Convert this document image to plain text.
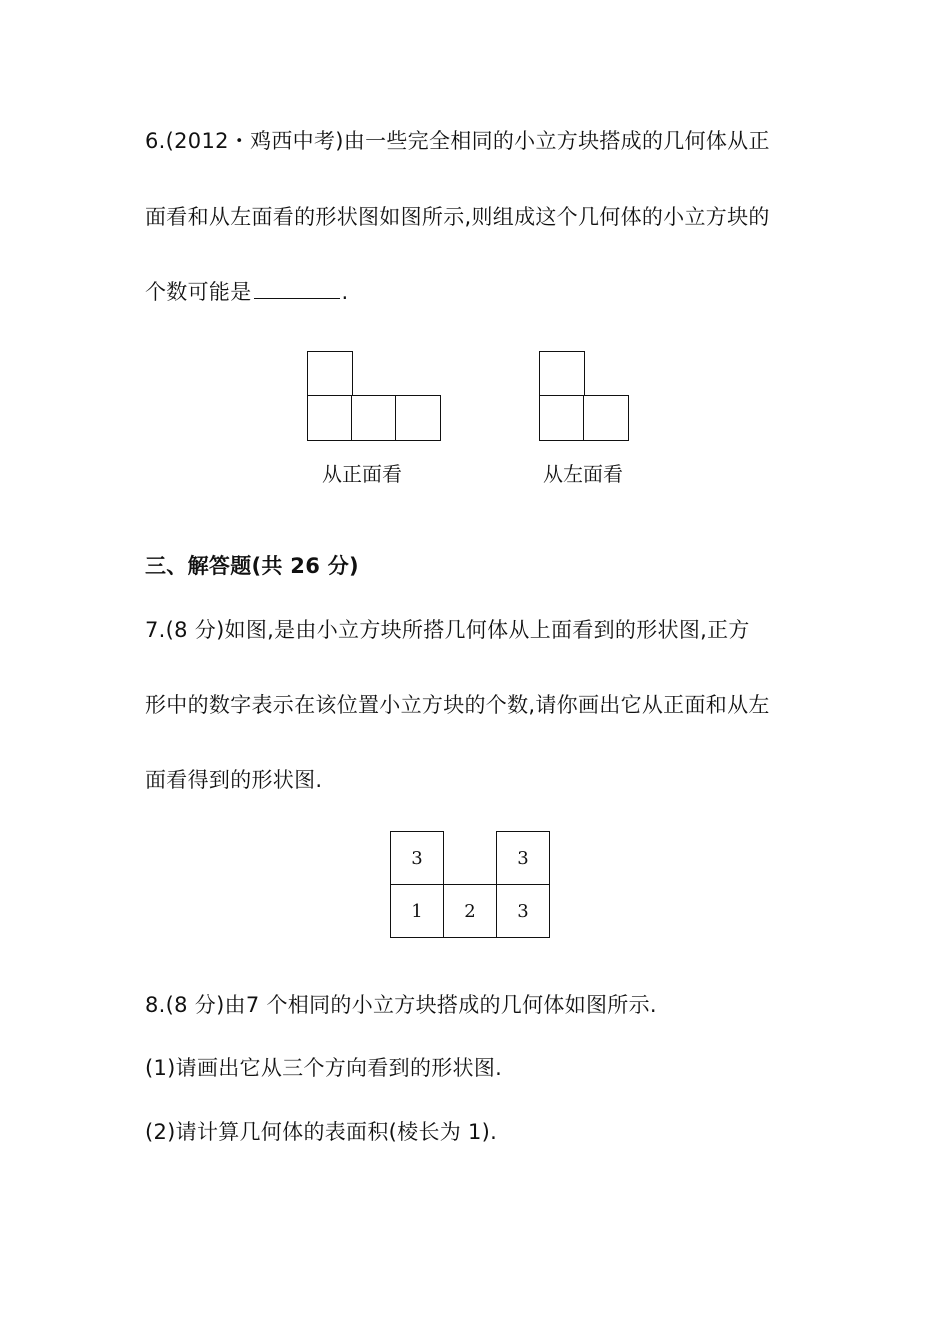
6.(2012・鸡西中考)由一些完全相同的小立方块搭成的几何体从正
面看和从左面看的形状图如图所示,则组成这个几何体的小立方块的
个数可能是	.
从正面看	从左面看
三、解答题(共 26 分)
7.(8 分)如图,是由小立方块所搭几何体从上面看到的形状图,正方
形中的数字表示在该位置小立方块的个数,请你画出它从正面和从左
面看得到的形状图.
3		3
1	2	3
8.(8 分)由7 个相同的小立方块搭成的几何体如图所示.
(1)请画出它从三个方向看到的形状图.
(2)请计算几何体的表面积(棱长为 1).
